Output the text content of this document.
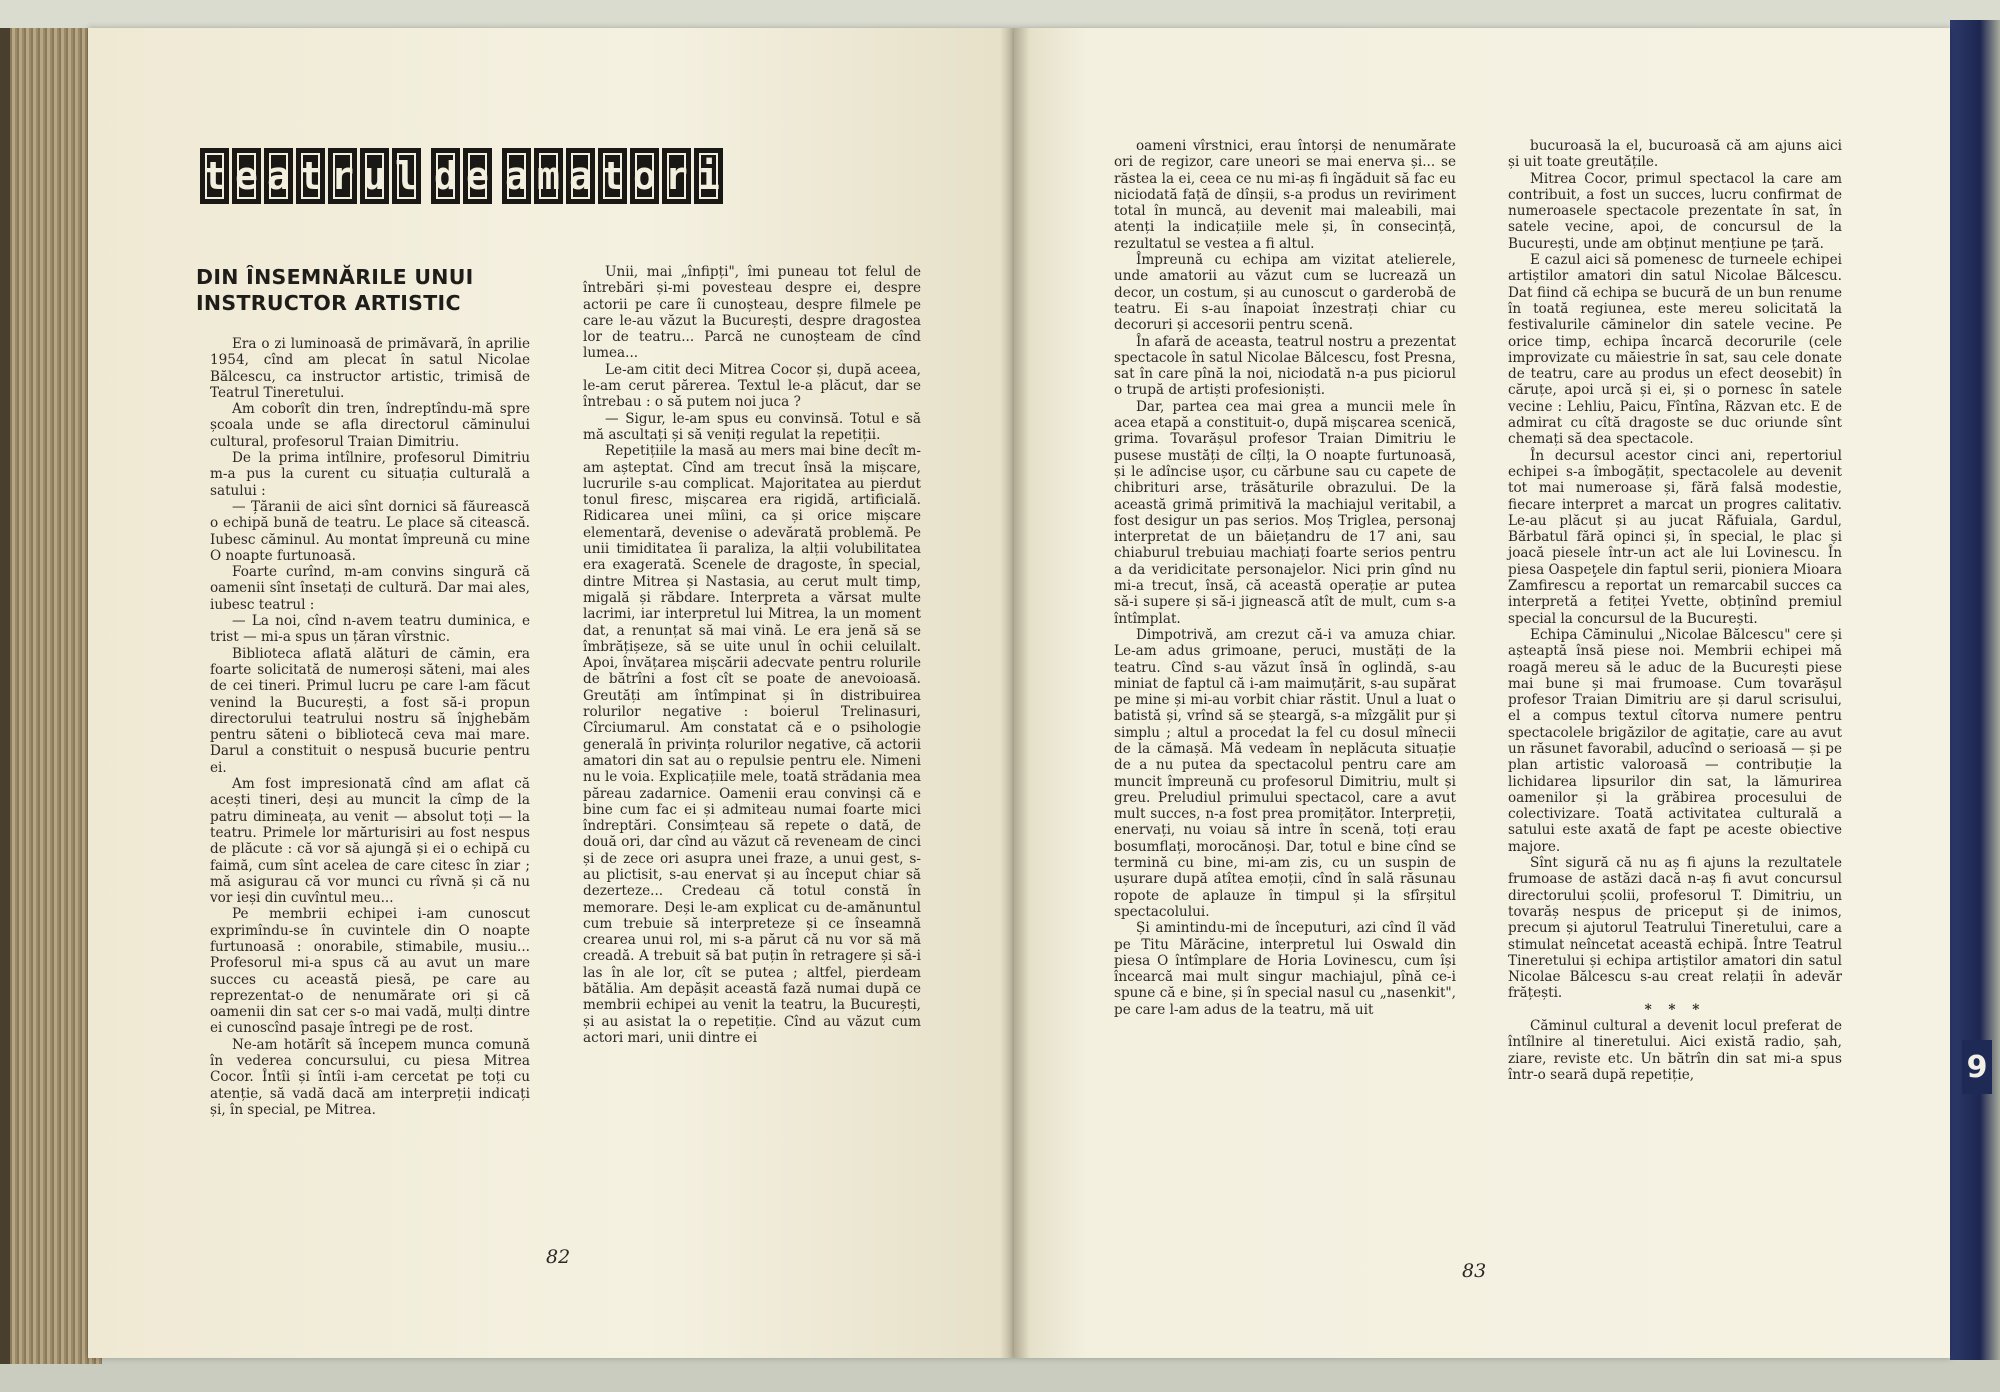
9
t e a t r u l d e a m a t o r i
DIN ÎNSEMNĂRILE UNUI INSTRUCTOR ARTISTIC

Era o zi luminoasă de primăvară, în aprilie 1954, cînd am plecat în satul Nicolae Bălcescu, ca instructor artistic, trimisă de Teatrul Tineretului.

Am coborît din tren, îndreptîndu-mă spre școala unde se afla directorul căminului cultural, profesorul Traian Dimitriu.

De la prima intîlnire, profesorul Dimitriu m-a pus la curent cu situația culturală a satului :

— Țăranii de aici sînt dornici să făurească o echipă bună de teatru. Le place să citească. Iubesc căminul. Au montat împreună cu mine O noapte furtunoasă.

Foarte curînd, m-am convins singură că oamenii sînt însetați de cultură. Dar mai ales, iubesc teatrul :

— La noi, cînd n-avem teatru duminica, e trist — mi-a spus un țăran vîrstnic.

Biblioteca aflată alături de cămin, era foarte solicitată de numeroși săteni, mai ales de cei tineri. Primul lucru pe care l-am făcut venind la București, a fost să-i propun directorului teatrului nostru să înjghebăm pentru săteni o bibliotecă ceva mai mare. Darul a constituit o nespusă bucurie pentru ei.

Am fost impresionată cînd am aflat că acești tineri, deși au muncit la cîmp de la patru dimineața, au venit — absolut toți — la teatru. Primele lor mărturisiri au fost nespus de plăcute : că vor să ajungă și ei o echipă cu faimă, cum sînt acelea de care citesc în ziar ; mă asigurau că vor munci cu rîvnă și că nu vor ieși din cuvîntul meu...

Pe membrii echipei i-am cunoscut exprimîndu-se în cuvintele din O noapte furtunoasă : onorabile, stimabile, musiu... Profesorul mi-a spus că au avut un mare succes cu această piesă, pe care au reprezentat-o de nenumărate ori și că oamenii din sat cer s-o mai vadă, mulți dintre ei cunoscînd pasaje întregi pe de rost.

Ne-am hotărît să începem munca comună în vederea concursului, cu piesa Mitrea Cocor. Întîi și întîi i-am cercetat pe toți cu atenție, să vadă dacă am interpreții indicați și, în special, pe Mitrea.

Unii, mai „înfipți", îmi puneau tot felul de întrebări și-mi povesteau despre ei, despre actorii pe care îi cunoșteau, despre filmele pe care le-au văzut la București, despre dragostea lor de teatru... Parcă ne cunoșteam de cînd lumea...

Le-am citit deci Mitrea Cocor și, după aceea, le-am cerut părerea. Textul le-a plăcut, dar se întrebau : o să putem noi juca ?

— Sigur, le-am spus eu convinsă. Totul e să mă ascultați și să veniți regulat la repetiții.

Repetițiile la masă au mers mai bine decît m-am așteptat. Cînd am trecut însă la mișcare, lucrurile s-au complicat. Majoritatea au pierdut tonul firesc, mișcarea era rigidă, artificială. Ridicarea unei mîini, ca și orice mișcare elementară, devenise o adevărată problemă. Pe unii timiditatea îi paraliza, la alții volubilitatea era exagerată. Scenele de dragoste, în special, dintre Mitrea și Nastasia, au cerut mult timp, migală și răbdare. Interpreta a vărsat multe lacrimi, iar interpretul lui Mitrea, la un moment dat, a renunțat să mai vină. Le era jenă să se îmbrățișeze, să se uite unul în ochii celuilalt. Apoi, învățarea mișcării adecvate pentru rolurile de bătrîni a fost cît se poate de anevoioasă. Greutăți am întîmpinat și în distribuirea rolurilor negative : boierul Trelinasuri, Cîrciumarul. Am constatat că e o psihologie generală în privința rolurilor negative, că actorii amatori din sat au o repulsie pentru ele. Nimeni nu le voia. Explicațiile mele, toată strădania mea păreau zadarnice. Oamenii erau convinși că e bine cum fac ei și admiteau numai foarte mici îndreptări. Consimțeau să repete o dată, de două ori, dar cînd au văzut că reveneam de cinci și de zece ori asupra unei fraze, a unui gest, s-au plictisit, s-au enervat și au început chiar să dezerteze... Credeau că totul constă în memorare. Deși le-am explicat cu de-amănuntul cum trebuie să interpreteze și ce înseamnă crearea unui rol, mi s-a părut că nu vor să mă creadă. A trebuit să bat puțin în retragere și să-i las în ale lor, cît se putea ; altfel, pierdeam bătălia. Am depășit această fază numai după ce membrii echipei au venit la teatru, la București, și au asistat la o repetiție. Cînd au văzut cum actori mari, unii dintre ei

oameni vîrstnici, erau întorși de nenumărate ori de regizor, care uneori se mai enerva și... se răstea la ei, ceea ce nu mi-aș fi îngăduit să fac eu niciodată față de dînșii, s-a produs un reviriment total în muncă, au devenit mai maleabili, mai atenți la indicațiile mele și, în consecință, rezultatul se vestea a fi altul.

Împreună cu echipa am vizitat atelierele, unde amatorii au văzut cum se lucrează un decor, un costum, și au cunoscut o garderobă de teatru. Ei s-au înapoiat înzestrați chiar cu decoruri și accesorii pentru scenă.

În afară de aceasta, teatrul nostru a prezentat spectacole în satul Nicolae Bălcescu, fost Presna, sat în care pînă la noi, niciodată n-a pus piciorul o trupă de artiști profesioniști.

Dar, partea cea mai grea a muncii mele în acea etapă a constituit-o, după mișcarea scenică, grima. Tovarășul profesor Traian Dimitriu le pusese mustăți de cîlți, la O noapte furtunoasă, și le adîncise ușor, cu cărbune sau cu capete de chibrituri arse, trăsăturile obrazului. De la această grimă primitivă la machiajul veritabil, a fost desigur un pas serios. Moș Triglea, personaj interpretat de un băiețandru de 17 ani, sau chiaburul trebuiau machiați foarte serios pentru a da veridicitate personajelor. Nici prin gînd nu mi-a trecut, însă, că această operație ar putea să-i supere și să-i jignească atît de mult, cum s-a întîmplat.

Dimpotrivă, am crezut că-i va amuza chiar. Le-am adus grimoane, peruci, mustăți de la teatru. Cînd s-au văzut însă în oglindă, s-au miniat de faptul că i-am maimuțărit, s-au supărat pe mine și mi-au vorbit chiar răstit. Unul a luat o batistă și, vrînd să se șteargă, s-a mîzgălit pur și simplu ; altul a procedat la fel cu dosul mînecii de la cămașă. Mă vedeam în neplăcuta situație de a nu putea da spectacolul pentru care am muncit împreună cu profesorul Dimitriu, mult și greu. Preludiul primului spectacol, care a avut mult succes, n-a fost prea promițător. Interpreții, enervați, nu voiau să intre în scenă, toți erau bosumflați, morocănoși. Dar, totul e bine cînd se termină cu bine, mi-am zis, cu un suspin de ușurare după atîtea emoții, cînd în sală răsunau ropote de aplauze în timpul și la sfîrșitul spectacolului.

Și amintindu-mi de începuturi, azi cînd îl văd pe Titu Mărăcine, interpretul lui Oswald din piesa O întîmplare de Horia Lovinescu, cum își încearcă mai mult singur machiajul, pînă ce-i spune că e bine, și în special nasul cu „nasenkit", pe care l-am adus de la teatru, mă uit

bucuroasă la el, bucuroasă că am ajuns aici și uit toate greutățile.

Mitrea Cocor, primul spectacol la care am contribuit, a fost un succes, lucru confirmat de numeroasele spectacole prezentate în sat, în satele vecine, apoi, de concursul de la București, unde am obținut mențiune pe țară.

E cazul aici să pomenesc de turneele echipei artiștilor amatori din satul Nicolae Bălcescu. Dat fiind că echipa se bucură de un bun renume în toată regiunea, este mereu solicitată la festivalurile căminelor din satele vecine. Pe orice timp, echipa încarcă decorurile (cele improvizate cu măiestrie în sat, sau cele donate de teatru, care au produs un efect deosebit) în căruțe, apoi urcă și ei, și o pornesc în satele vecine : Lehliu, Paicu, Fîntîna, Răzvan etc. E de admirat cu cîtă dragoste se duc oriunde sînt chemați să dea spectacole.

În decursul acestor cinci ani, repertoriul echipei s-a îmbogățit, spectacolele au devenit tot mai numeroase și, fără falsă modestie, fiecare interpret a marcat un progres calitativ. Le-au plăcut și au jucat Răfuiala, Gardul, Bărbatul fără opinci și, în special, le plac și joacă piesele într-un act ale lui Lovinescu. În piesa Oaspeţele din faptul serii, pioniera Mioara Zamfirescu a reportat un remarcabil succes ca interpretă a fetiței Yvette, obținînd premiul special la concursul de la București.

Echipa Căminului „Nicolae Bălcescu" cere și așteaptă însă piese noi. Membrii echipei mă roagă mereu să le aduc de la București piese mai bune și mai frumoase. Cum tovarășul profesor Traian Dimitriu are și darul scrisului, el a compus textul cîtorva numere pentru spectacolele brigăzilor de agitație, care au avut un răsunet favorabil, aducînd o serioasă — și pe plan artistic valoroasă — contribuție la lichidarea lipsurilor din sat, la lămurirea oamenilor și la grăbirea procesului de colectivizare. Toată activitatea culturală a satului este axată de fapt pe aceste obiective majore.

Sînt sigură că nu aș fi ajuns la rezultatele frumoase de astăzi dacă n-aș fi avut concursul directorului școlii, profesorul T. Dimitriu, un tovarăș nespus de priceput și de inimos, precum și ajutorul Teatrului Tineretului, care a stimulat neîncetat această echipă. Între Teatrul Tineretului și echipa artiștilor amatori din satul Nicolae Bălcescu s-au creat relații în adevăr frățești.

* * *

Căminul cultural a devenit locul preferat de întîlnire al tineretului. Aici există radio, șah, ziare, reviste etc. Un bătrîn din sat mi-a spus într-o seară după repetiție,

82
83
